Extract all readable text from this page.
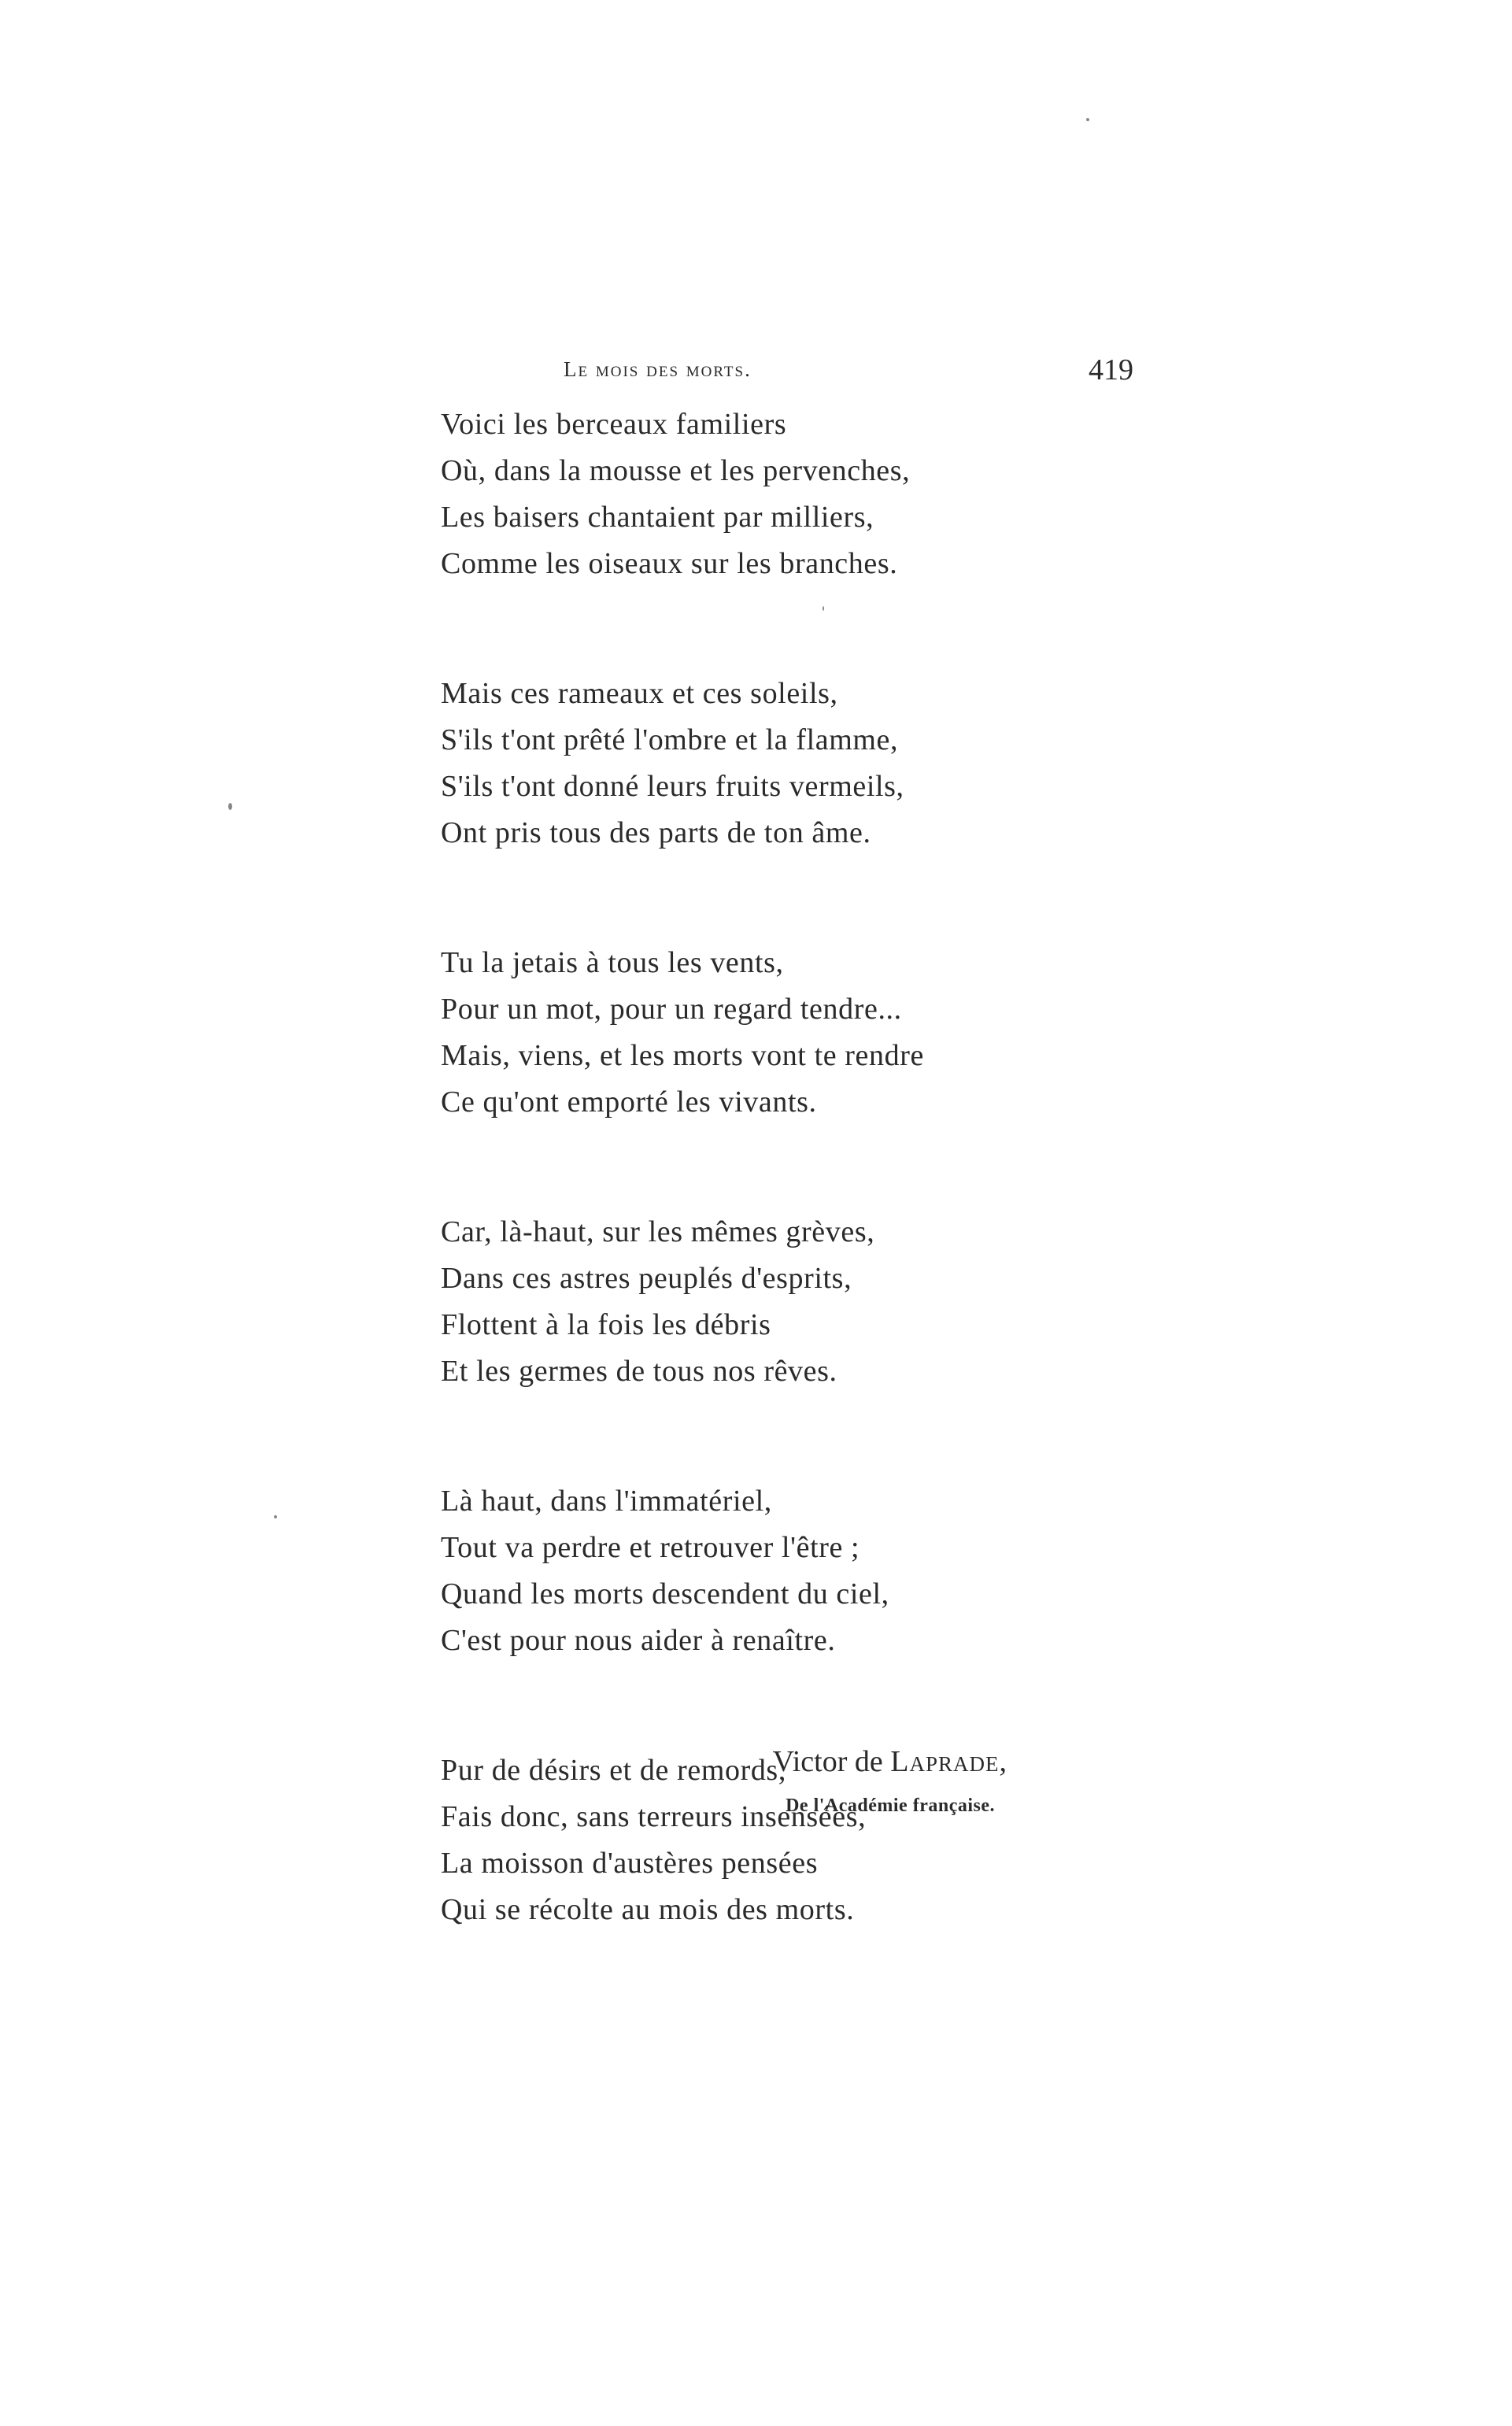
Le mois des morts.	419
Voici les berceaux familiers
Où, dans la mousse et les pervenches,
Les baisers chantaient par milliers,
Comme les oiseaux sur les branches.
Mais ces rameaux et ces soleils,
S'ils t'ont prêté l'ombre et la flamme,
S'ils t'ont donné leurs fruits vermeils,
Ont pris tous des parts de ton âme.
Tu la jetais à tous les vents,
Pour un mot, pour un regard tendre...
Mais, viens, et les morts vont te rendre
Ce qu'ont emporté les vivants.
Car, là-haut, sur les mêmes grèves,
Dans ces astres peuplés d'esprits,
Flottent à la fois les débris
Et les germes de tous nos rêves.
Là haut, dans l'immatériel,
Tout va perdre et retrouver l'être ;
Quand les morts descendent du ciel,
C'est pour nous aider à renaître.
Pur de désirs et de remords,
Fais donc, sans terreurs insensées,
La moisson d'austères pensées
Qui se récolte au mois des morts.
Victor de Laprade,
De l'Académie française.
